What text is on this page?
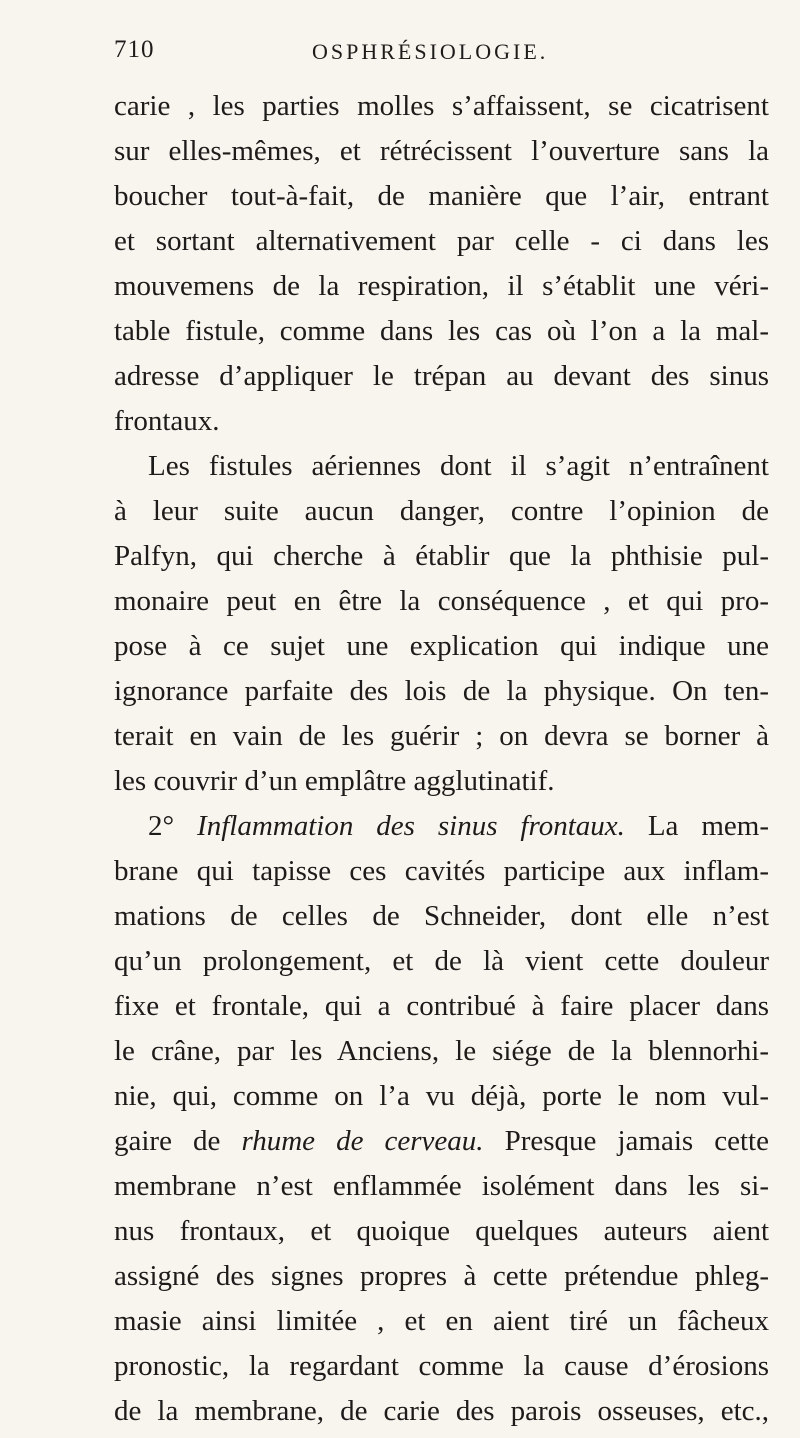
710	OSPHRÉSIOLOGIE.
carie , les parties molles s’affaissent, se cicatrisent
sur elles-mêmes, et rétrécissent l’ouverture sans la
boucher tout-à-fait, de manière que l’air, entrant
et sortant alternativement par celle - ci dans les
mouvemens de la respiration, il s’établit une véri-
table fistule, comme dans les cas où l’on a la mal-
adresse d’appliquer le trépan au devant des sinus
frontaux.
Les fistules aériennes dont il s’agit n’entraînent
à leur suite aucun danger, contre l’opinion de
Palfyn, qui cherche à établir que la phthisie pul-
monaire peut en être la conséquence , et qui pro-
pose à ce sujet une explication qui indique une
ignorance parfaite des lois de la physique. On ten-
terait en vain de les guérir ; on devra se borner à
les couvrir d’un emplâtre agglutinatif.
2° Inflammation des sinus frontaux. La mem-
brane qui tapisse ces cavités participe aux inflam-
mations de celles de Schneider, dont elle n’est
qu’un prolongement, et de là vient cette douleur
fixe et frontale, qui a contribué à faire placer dans
le crâne, par les Anciens, le siége de la blennorhi-
nie, qui, comme on l’a vu déjà, porte le nom vul-
gaire de rhume de cerveau. Presque jamais cette
membrane n’est enflammée isolément dans les si-
nus frontaux, et quoique quelques auteurs aient
assigné des signes propres à cette prétendue phleg-
masie ainsi limitée , et en aient tiré un fâcheux
pronostic, la regardant comme la cause d’érosions
de la membrane, de carie des parois osseuses, etc.,
